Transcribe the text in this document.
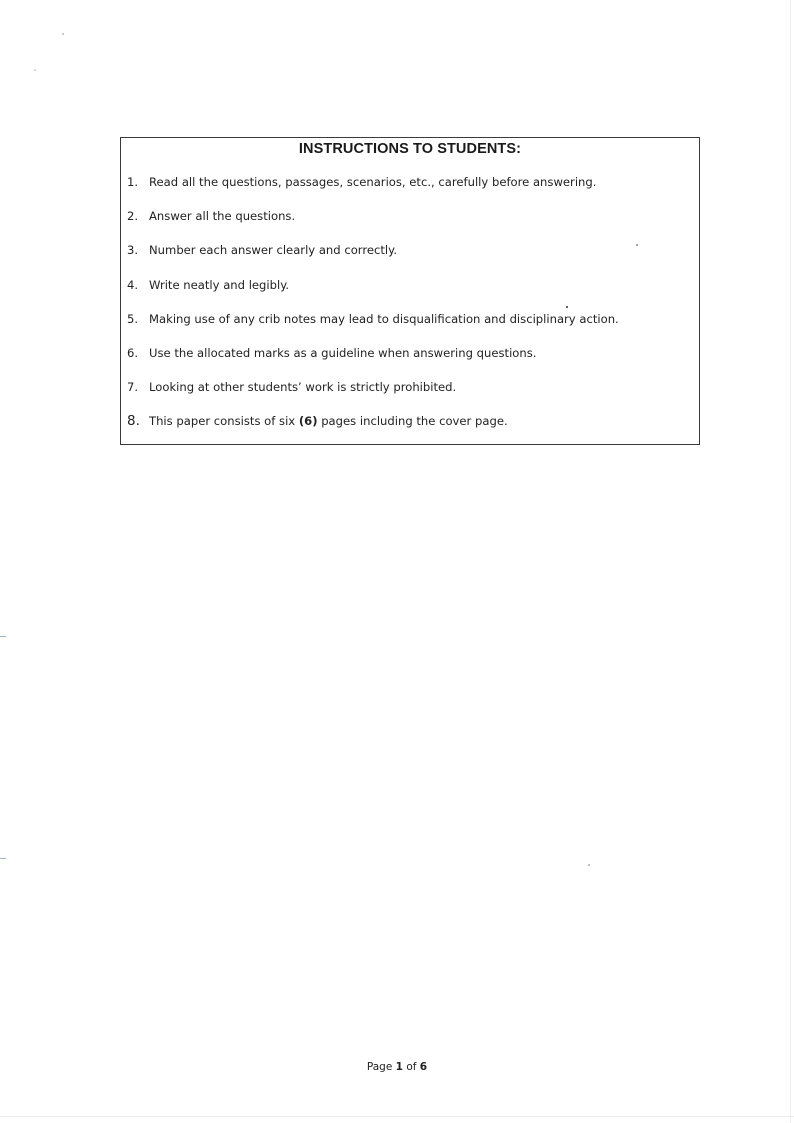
INSTRUCTIONS TO STUDENTS:
1. Read all the questions, passages, scenarios, etc., carefully before answering.
2. Answer all the questions.
3. Number each answer clearly and correctly.
4. Write neatly and legibly.
5. Making use of any crib notes may lead to disqualification and disciplinary action.
6. Use the allocated marks as a guideline when answering questions.
7. Looking at other students’ work is strictly prohibited.
8. This paper consists of six (6) pages including the cover page.
Page 1 of 6
